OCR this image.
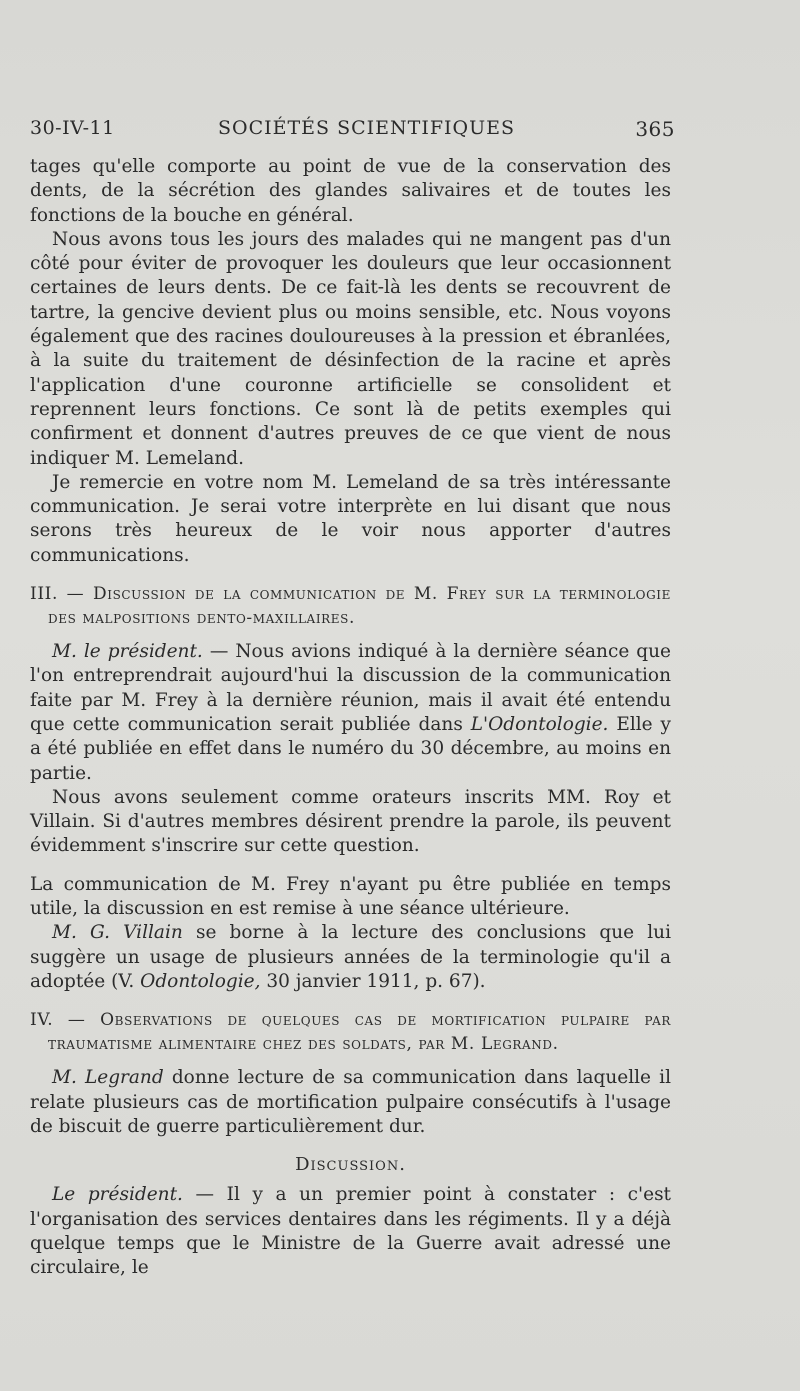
30-IV-11	SOCIÉTÉS SCIENTIFIQUES	365

tages qu'elle comporte au point de vue de la conservation des dents, de la sécrétion des glandes salivaires et de toutes les fonctions de la bouche en général.

Nous avons tous les jours des malades qui ne mangent pas d'un côté pour éviter de provoquer les douleurs que leur occasionnent certaines de leurs dents. De ce fait-là les dents se recouvrent de tartre, la gencive devient plus ou moins sensible, etc. Nous voyons également que des racines douloureuses à la pression et ébranlées, à la suite du traitement de désinfection de la racine et après l'application d'une couronne artificielle se consolident et reprennent leurs fonctions. Ce sont là de petits exemples qui confirment et donnent d'autres preuves de ce que vient de nous indiquer M. Lemeland.

Je remercie en votre nom M. Lemeland de sa très intéressante communication. Je serai votre interprète en lui disant que nous serons très heureux de le voir nous apporter d'autres communications.

III. — Discussion de la communication de M. Frey sur la terminologie des malpositions dento-maxillaires.

M. le président. — Nous avions indiqué à la dernière séance que l'on entreprendrait aujourd'hui la discussion de la communication faite par M. Frey à la dernière réunion, mais il avait été entendu que cette communication serait publiée dans L'Odontologie. Elle y a été publiée en effet dans le numéro du 30 décembre, au moins en partie.

Nous avons seulement comme orateurs inscrits MM. Roy et Villain. Si d'autres membres désirent prendre la parole, ils peuvent évidemment s'inscrire sur cette question.

La communication de M. Frey n'ayant pu être publiée en temps utile, la discussion en est remise à une séance ultérieure.

M. G. Villain se borne à la lecture des conclusions que lui suggère un usage de plusieurs années de la terminologie qu'il a adoptée (V. Odontologie, 30 janvier 1911, p. 67).

IV. — Observations de quelques cas de mortification pulpaire par traumatisme alimentaire chez des soldats, par M. Legrand.

M. Legrand donne lecture de sa communication dans laquelle il relate plusieurs cas de mortification pulpaire consécutifs à l'usage de biscuit de guerre particulièrement dur.

Discussion.

Le président. — Il y a un premier point à constater : c'est l'organisation des services dentaires dans les régiments. Il y a déjà quelque temps que le Ministre de la Guerre avait adressé une circulaire, le
